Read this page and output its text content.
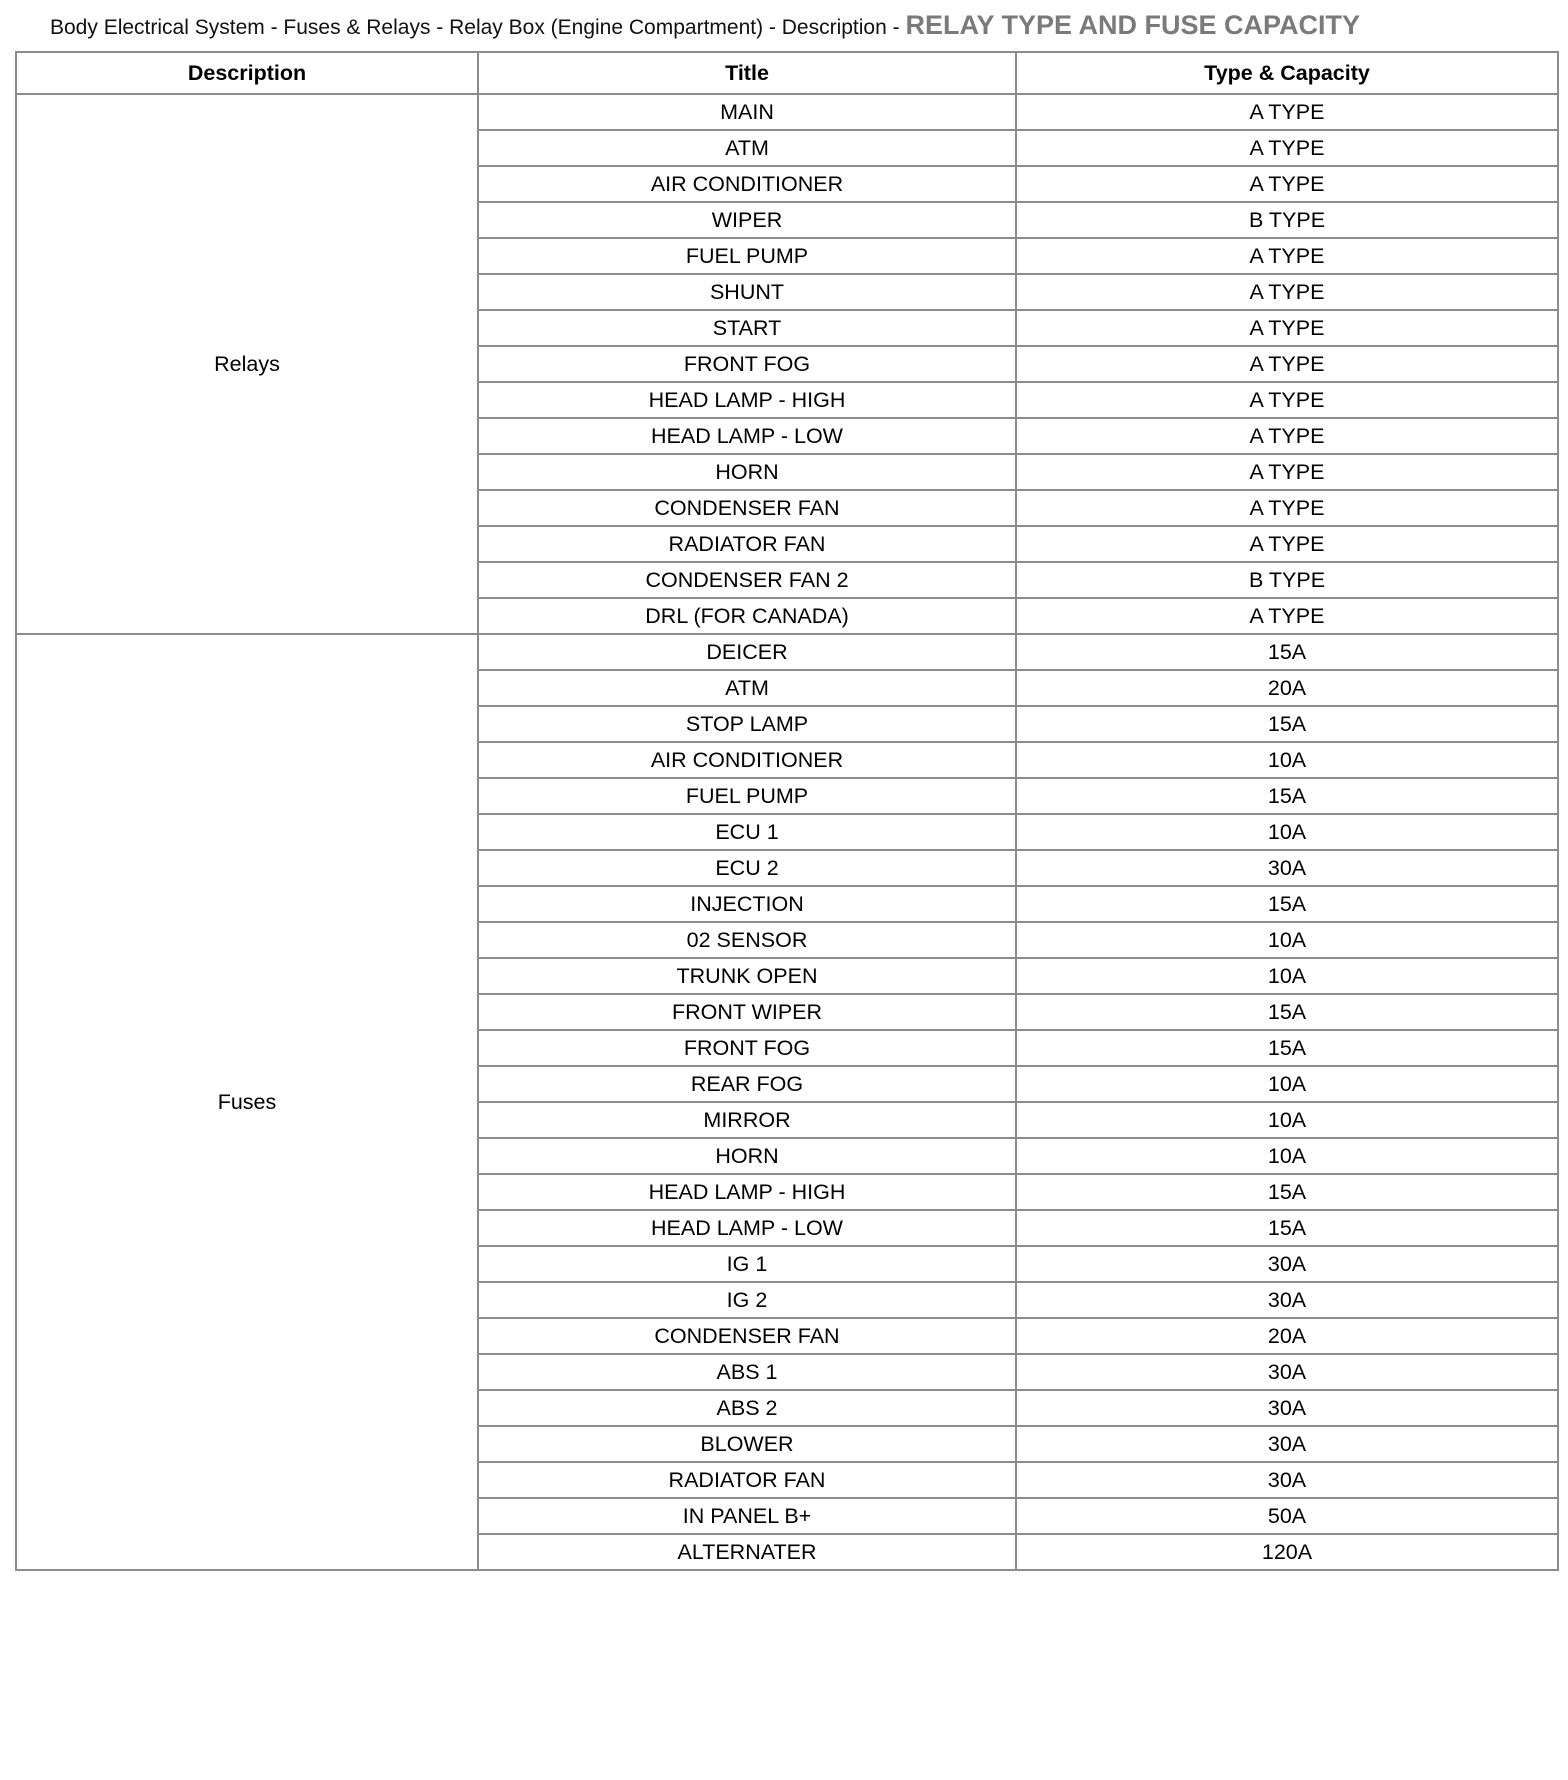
Body Electrical System - Fuses & Relays - Relay Box (Engine Compartment) - Description - RELAY TYPE AND FUSE CAPACITY
Description	Title	Type & Capacity
Relays	MAIN	A TYPE
	ATM	A TYPE
	AIR CONDITIONER	A TYPE
	WIPER	B TYPE
	FUEL PUMP	A TYPE
	SHUNT	A TYPE
	START	A TYPE
	FRONT FOG	A TYPE
	HEAD LAMP - HIGH	A TYPE
	HEAD LAMP - LOW	A TYPE
	HORN	A TYPE
	CONDENSER FAN	A TYPE
	RADIATOR FAN	A TYPE
	CONDENSER FAN 2	B TYPE
	DRL (FOR CANADA)	A TYPE
Fuses	DEICER	15A
	ATM	20A
	STOP LAMP	15A
	AIR CONDITIONER	10A
	FUEL PUMP	15A
	ECU 1	10A
	ECU 2	30A
	INJECTION	15A
	02 SENSOR	10A
	TRUNK OPEN	10A
	FRONT WIPER	15A
	FRONT FOG	15A
	REAR FOG	10A
	MIRROR	10A
	HORN	10A
	HEAD LAMP - HIGH	15A
	HEAD LAMP - LOW	15A
	IG 1	30A
	IG 2	30A
	CONDENSER FAN	20A
	ABS 1	30A
	ABS 2	30A
	BLOWER	30A
	RADIATOR FAN	30A
	IN PANEL B+	50A
	ALTERNATER	120A
